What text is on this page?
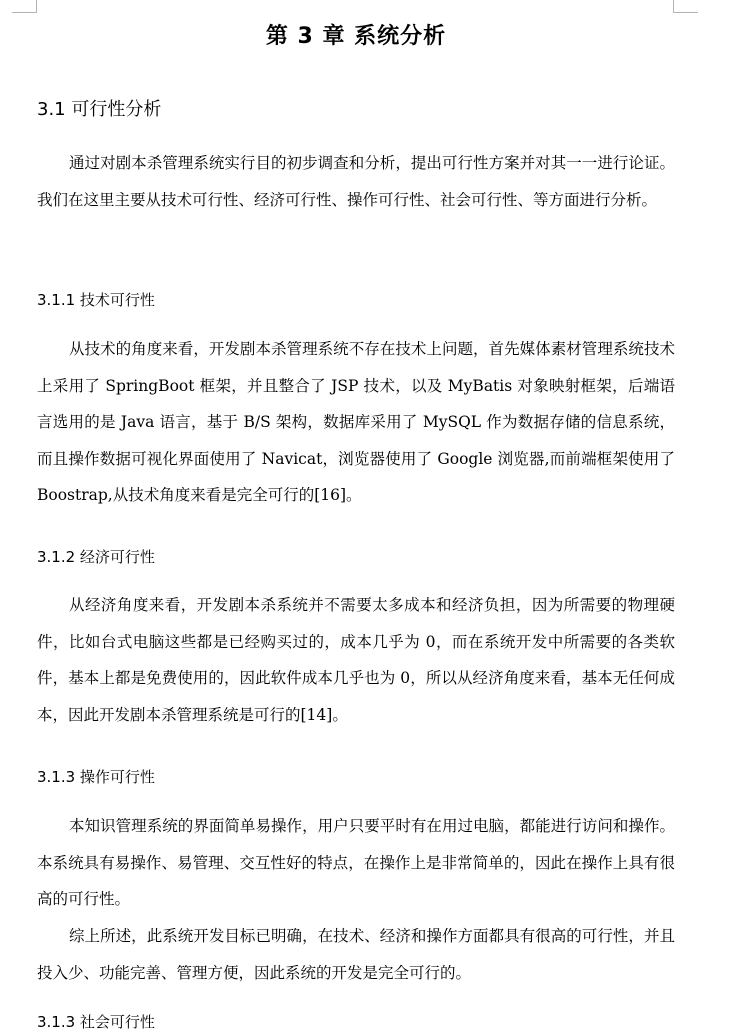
第 3 章 系统分析
3.1 可行性分析

通过对剧本杀管理系统实行目的初步调查和分析，提出可行性方案并对其一一进行论证。我们在这里主要从技术可行性、经济可行性、操作可行性、社会可行性、等方面进行分析。

3.1.1 技术可行性

从技术的角度来看，开发剧本杀管理系统不存在技术上问题，首先媒体素材管理系统技术上采用了 SpringBoot 框架，并且整合了 JSP 技术，以及 MyBatis 对象映射框架，后端语言选用的是 Java 语言，基于 B/S 架构，数据库采用了 MySQL 作为数据存储的信息系统，而且操作数据可视化界面使用了 Navicat，浏览器使用了 Google 浏览器,而前端框架使用了 Boostrap,从技术角度来看是完全可行的[16]。

3.1.2 经济可行性

从经济角度来看，开发剧本杀系统并不需要太多成本和经济负担，因为所需要的物理硬件，比如台式电脑这些都是已经购买过的，成本几乎为 0，而在系统开发中所需要的各类软件，基本上都是免费使用的，因此软件成本几乎也为 0，所以从经济角度来看，基本无任何成本，因此开发剧本杀管理系统是可行的[14]。

3.1.3 操作可行性

本知识管理系统的界面简单易操作，用户只要平时有在用过电脑，都能进行访问和操作。本系统具有易操作、易管理、交互性好的特点，在操作上是非常简单的，因此在操作上具有很高的可行性。

综上所述，此系统开发目标已明确，在技术、经济和操作方面都具有很高的可行性，并且投入少、功能完善、管理方便，因此系统的开发是完全可行的。

3.1.3 社会可行性
